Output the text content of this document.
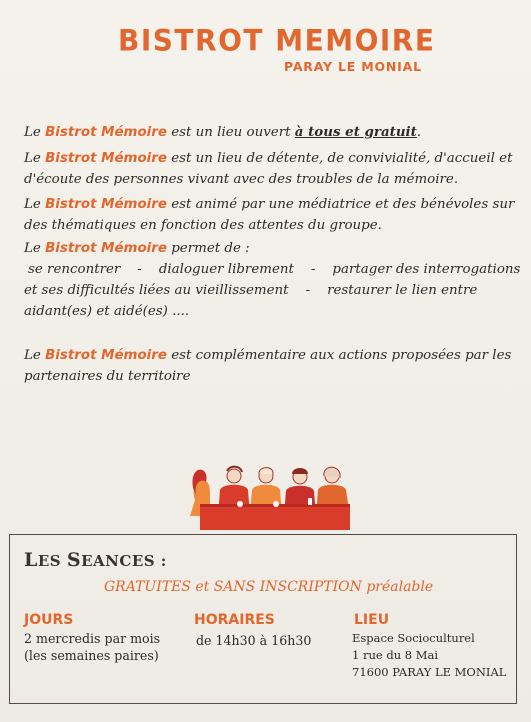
BISTROT MEMOIRE
PARAY LE MONIAL
Le Bistrot Mémoire est un lieu ouvert à tous et gratuit.
Le Bistrot Mémoire est un lieu de détente, de convivialité, d'accueil et
d'écoute des personnes vivant avec des troubles de la mémoire.
Le Bistrot Mémoire est animé par une médiatrice et des bénévoles sur
des thématiques en fonction des attentes du groupe.
Le Bistrot Mémoire permet de :
se rencontrer - dialoguer librement - partager des interrogations
et ses difficultés liées au vieillissement - restaurer le lien entre
aidant(es) et aidé(es) ....
Le Bistrot Mémoire est complémentaire aux actions proposées par les
partenaires du territoire
LES SEANCES :
GRATUITES et SANS INSCRIPTION préalable
JOURS
2 mercredis par mois
(les semaines paires)
HORAIRES
de 14h30 à 16h30
LIEU
Espace Socioculturel
1 rue du 8 Mai
71600 PARAY LE MONIAL
